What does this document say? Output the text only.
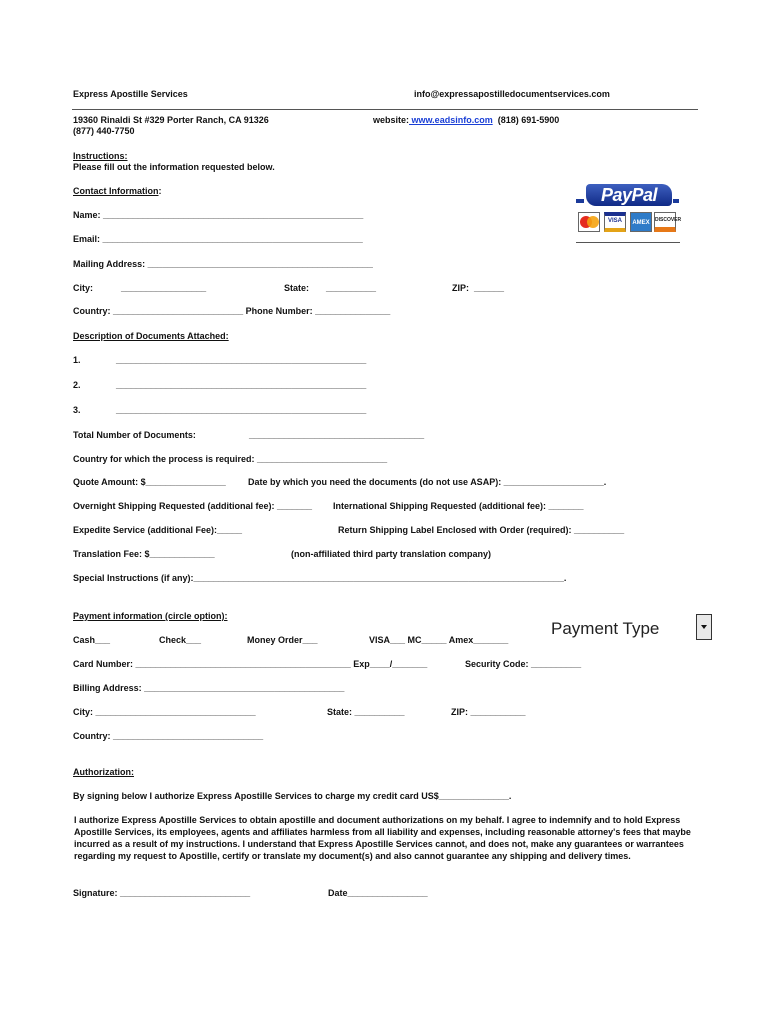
Express Apostille Services	info@expressapostilledocumentservices.com
19360 Rinaldi St #329 Porter Ranch, CA 91326
(877) 440-7750
website: www.eadsinfo.com (818) 691-5900
Instructions:
Please fill out the information requested below.
Contact Information:
Name: ____________________________________________________
Email: ____________________________________________________
Mailing Address: _____________________________________________
City:	_________________	State: __________	ZIP:  ______
Country: __________________________ Phone Number: _______________
PayPal
VISA	AMEX	DISCOVER
Description of Documents Attached:
1.	__________________________________________________
2.	__________________________________________________
3.	__________________________________________________
Total Number of Documents:	___________________________________
Country for which the process is required: __________________________
Quote Amount: $________________ Date by which you need the documents (do not use ASAP): ____________________.
Overnight Shipping Requested (additional fee): _______ International Shipping Requested (additional fee): _______
Expedite Service (additional Fee):_____	Return Shipping Label Enclosed with Order (required): __________
Translation Fee: $_____________	(non-affiliated third party translation company)
Special Instructions (if any):__________________________________________________________________________.
Payment information (circle option):
Cash___	Check___	Money Order___	VISA___ MC_____ Amex_______
Payment Type
Card Number: ___________________________________________ Exp____/_______	Security Code: __________
Billing Address: ________________________________________
City: ________________________________	State: __________	ZIP: ___________
Country: ______________________________
Authorization:
By signing below I authorize Express Apostille Services to charge my credit card US$______________.
I authorize Express Apostille Services to obtain apostille and document authorizations on my behalf. I agree to indemnify and to hold Express Apostille Services, its employees, agents and affiliates harmless from all liability and expenses, including reasonable attorney's fees that maybe incurred as a result of my instructions. I understand that Express Apostille Services cannot, and does not, make any guarantees or warrantees regarding my request to Apostille, certify or translate my document(s) and also cannot guarantee any shipping and delivery times.
Signature: __________________________	Date________________
